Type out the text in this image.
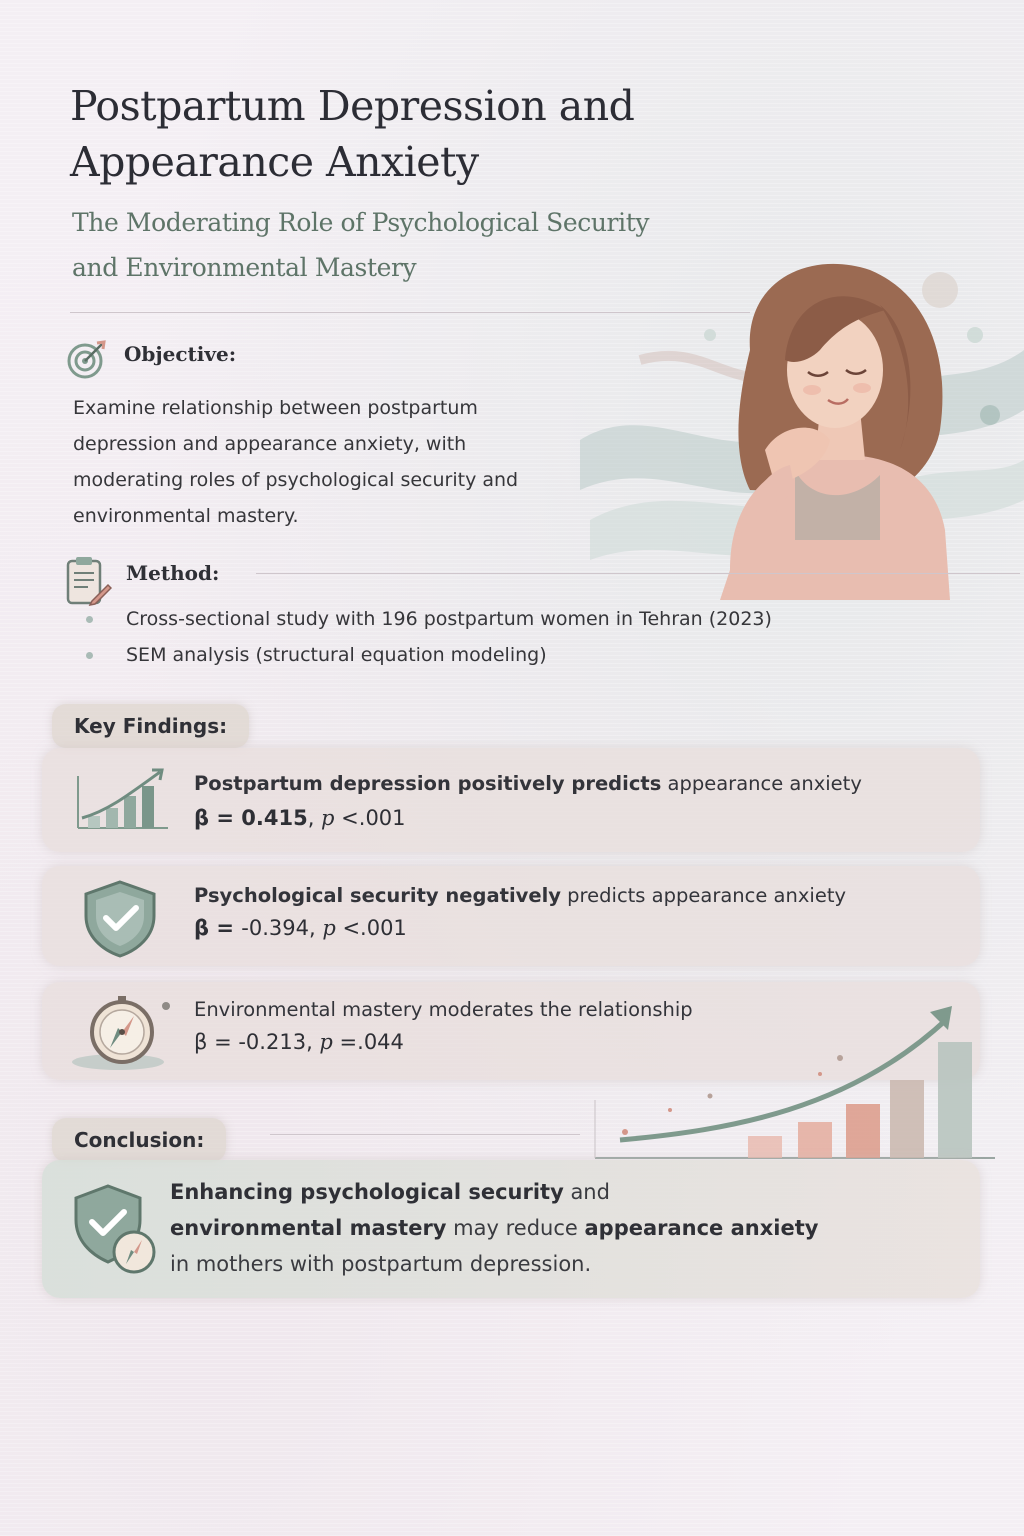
Postpartum Depression and Appearance Anxiety
The Moderating Role of Psychological Security and Environmental Mastery
Objective:
Examine relationship between postpartum depression and appearance anxiety, with moderating roles of psychological security and environmental mastery.
Method:
Cross-sectional study with 196 postpartum women in Tehran (2023)
SEM analysis (structural equation modeling)
Key Findings:
Postpartum depression positively predicts appearance anxiety
β = 0.415, p <.001
Psychological security negatively predicts appearance anxiety
β = -0.394, p <.001
Environmental mastery moderates the relationship
β = -0.213, p =.044
Conclusion:
Enhancing psychological security and
environmental mastery may reduce appearance anxiety
in mothers with postpartum depression.
